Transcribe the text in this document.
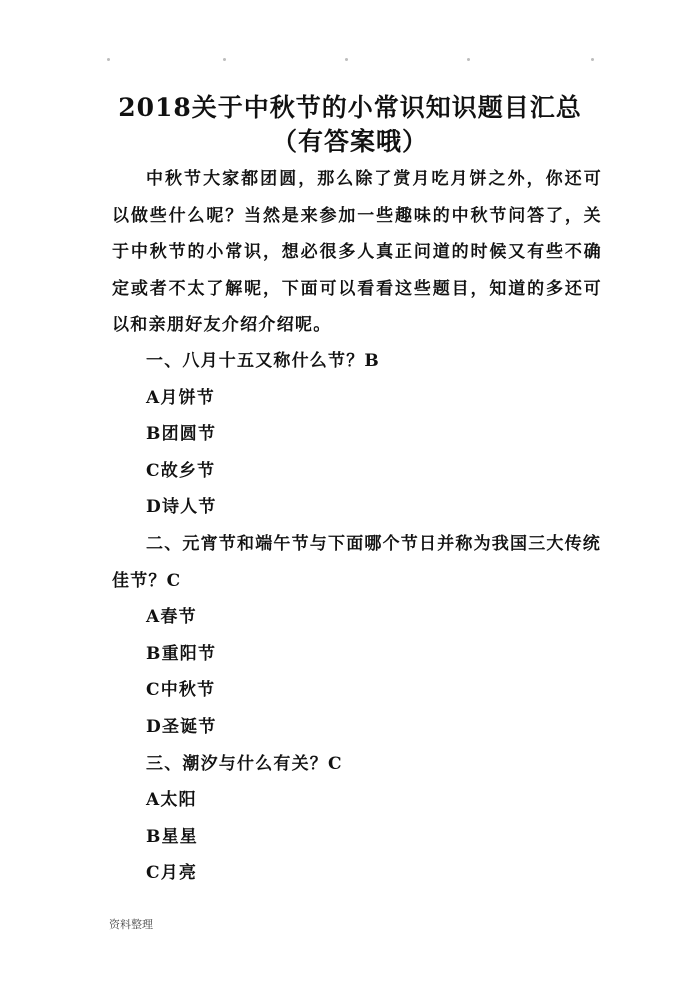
2018关于中秋节的小常识知识题目汇总
（有答案哦）

中秋节大家都团圆，那么除了赏月吃月饼之外，你还可以做些什么呢？当然是来参加一些趣味的中秋节问答了，关于中秋节的小常识，想必很多人真正问道的时候又有些不确定或者不太了解呢，下面可以看看这些题目，知道的多还可以和亲朋好友介绍介绍呢。

一、八月十五又称什么节？B

A月饼节

B团圆节

C故乡节

D诗人节

二、元宵节和端午节与下面哪个节日并称为我国三大传统佳节？C

A春节

B重阳节

C中秋节

D圣诞节

三、潮汐与什么有关？C

A太阳

B星星

C月亮

资料整理
